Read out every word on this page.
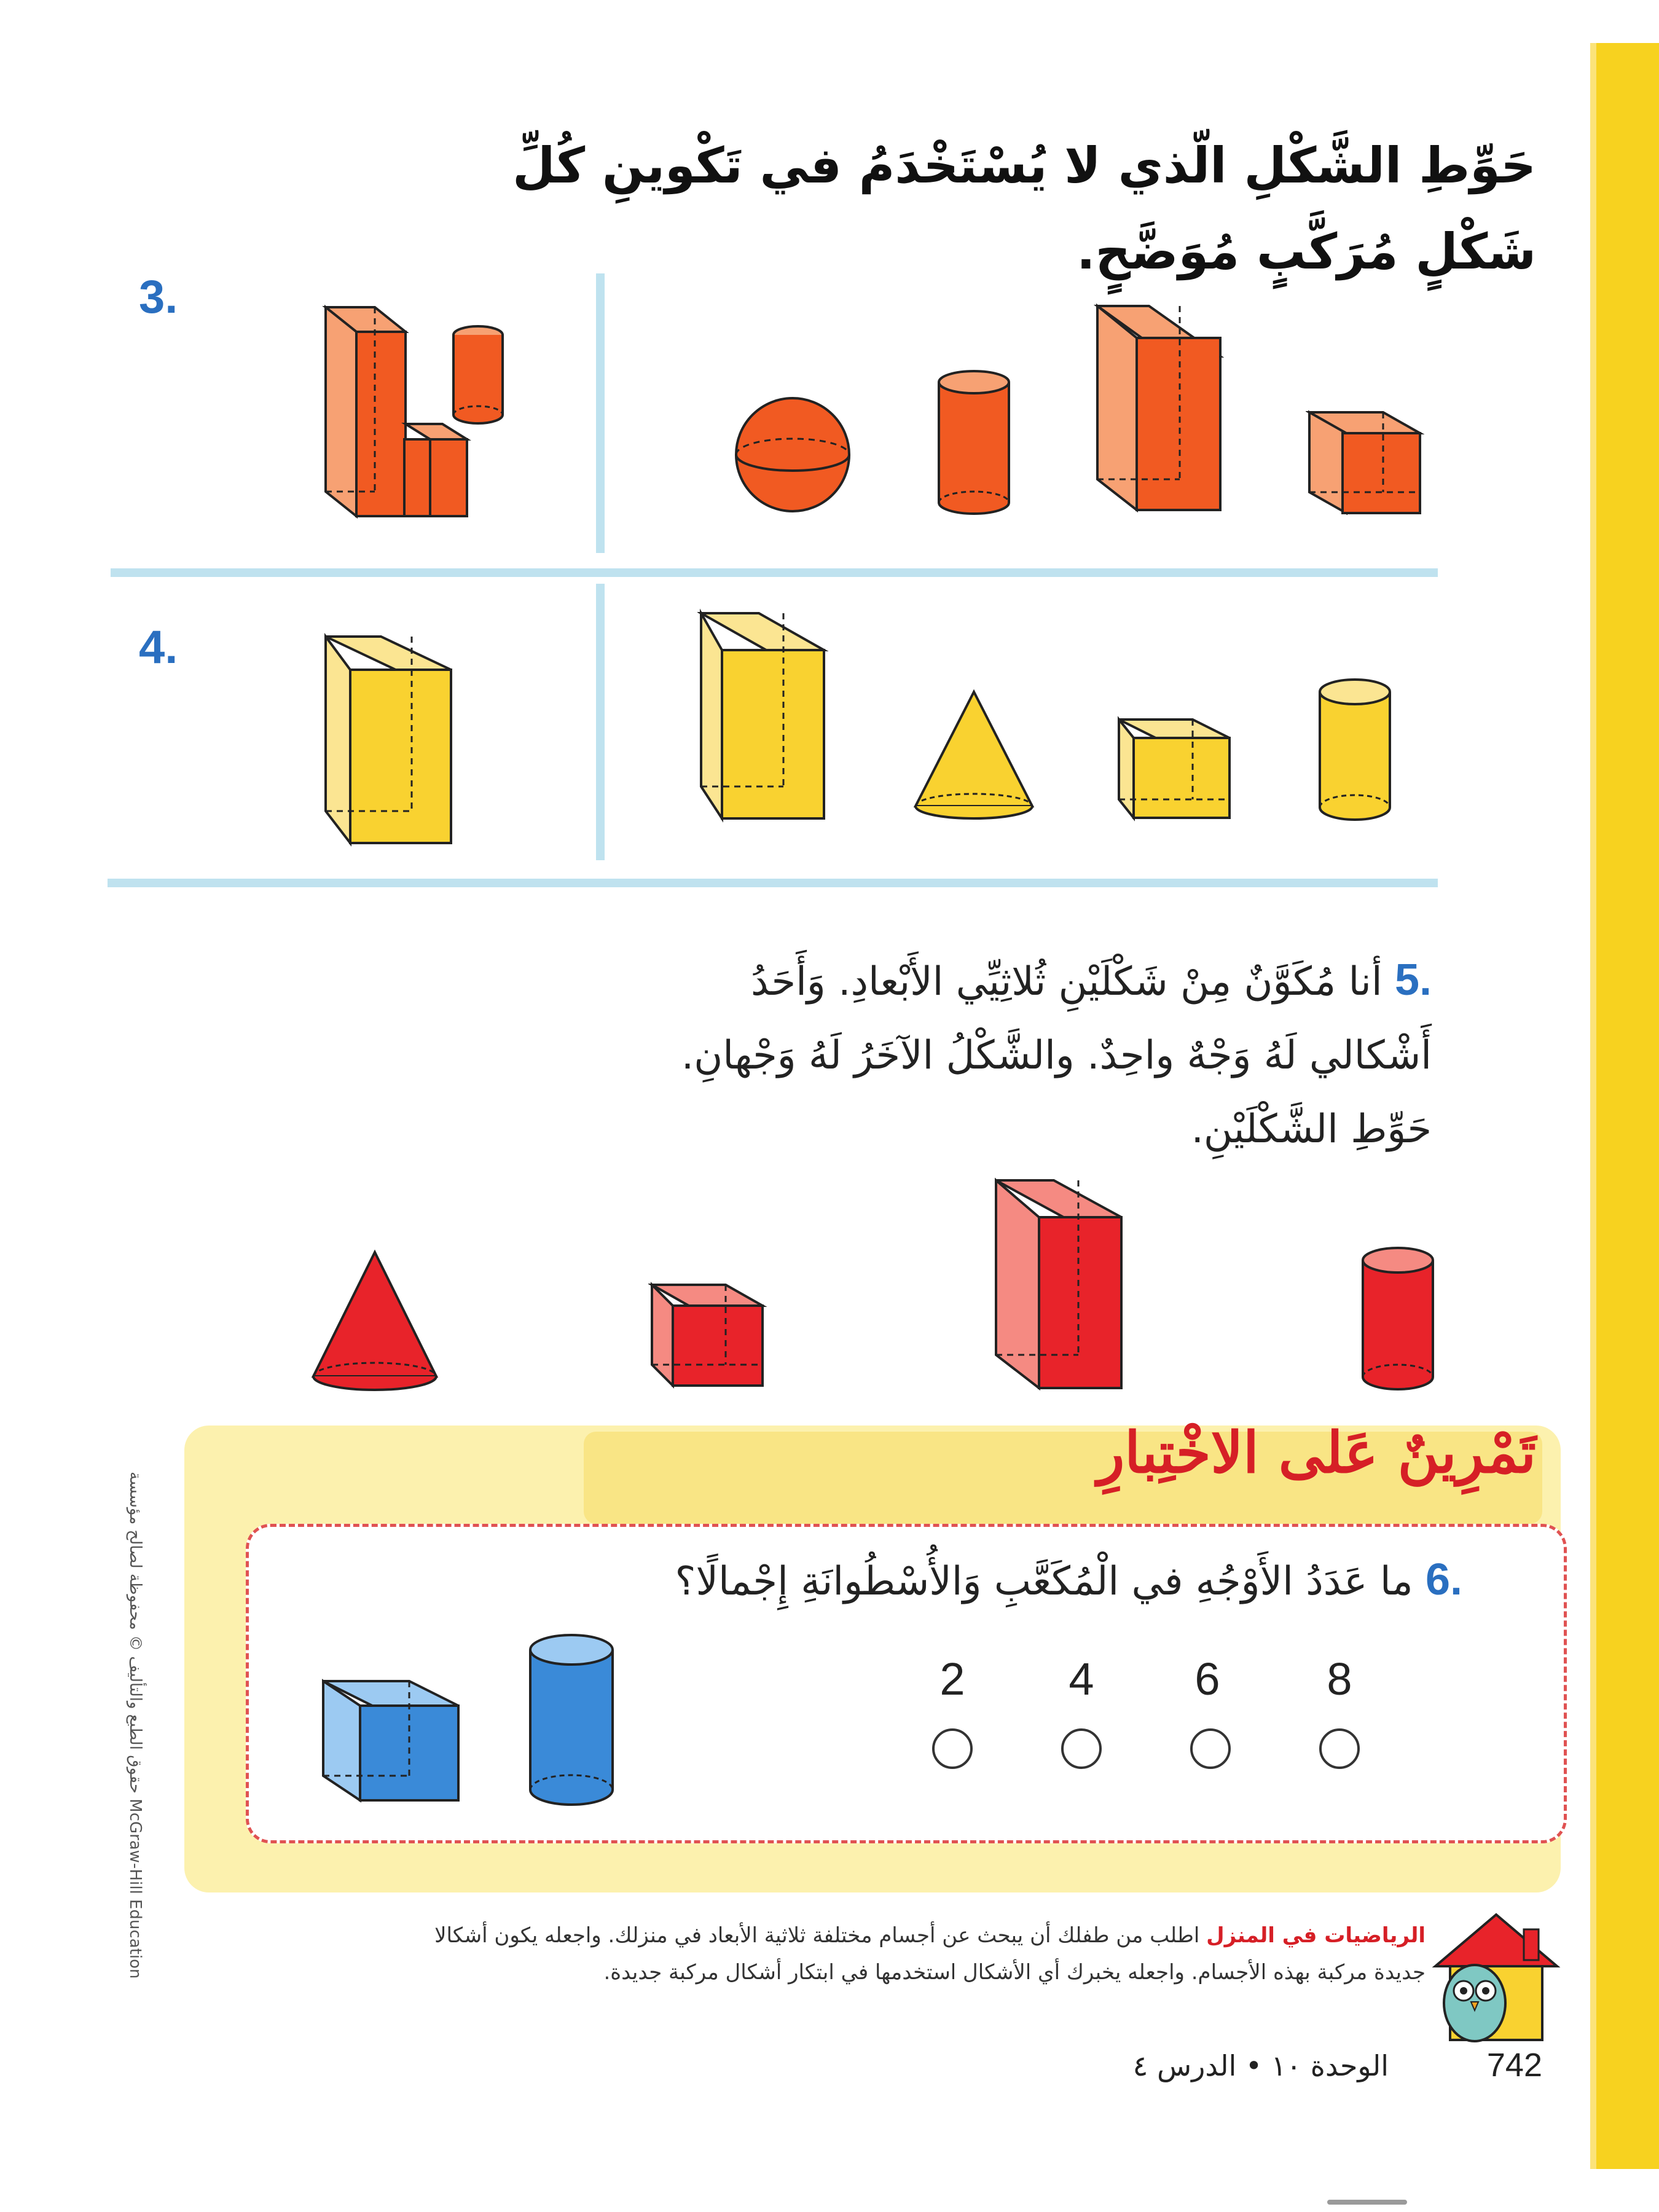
حَوِّطِ الشَّكْلِ الّذي لا يُسْتَخْدَمُ في تَكْوينِ كُلِّ شَكْلٍ مُرَكَّبٍ مُوَضَّحٍ.
3.
4.
.5 أنا مُكَوَّنٌ مِنْ شَكْلَيْنِ ثُلاثِيِّي الأَبْعادِ. وَأَحَدُ أَشْكالي لَهُ وَجْهٌ واحِدٌ. والشَّكْلُ الآخَرُ لَهُ وَجْهانِ. حَوِّطِ الشَّكْلَيْنِ.
تَمْرِينٌ عَلى الاخْتِبارِ
.6 ما عَدَدُ الأَوْجُهِ في الْمُكَعَّبِ وَالأُسْطُوانَةِ إِجْمالًا؟
8
6
4
2
الرياضيات في المنزل اطلب من طفلك أن يبحث عن أجسام مختلفة ثلاثية الأبعاد في منزلك. واجعله يكون أشكالا جديدة مركبة بهذه الأجسام. واجعله يخبرك أي الأشكال استخدمها في ابتكار أشكال مركبة جديدة.
742
الوحدة ١٠ • الدرس ٤
حقوق الطبع والتأليف © محفوظة لصالح مؤسسة McGraw-Hill Education
